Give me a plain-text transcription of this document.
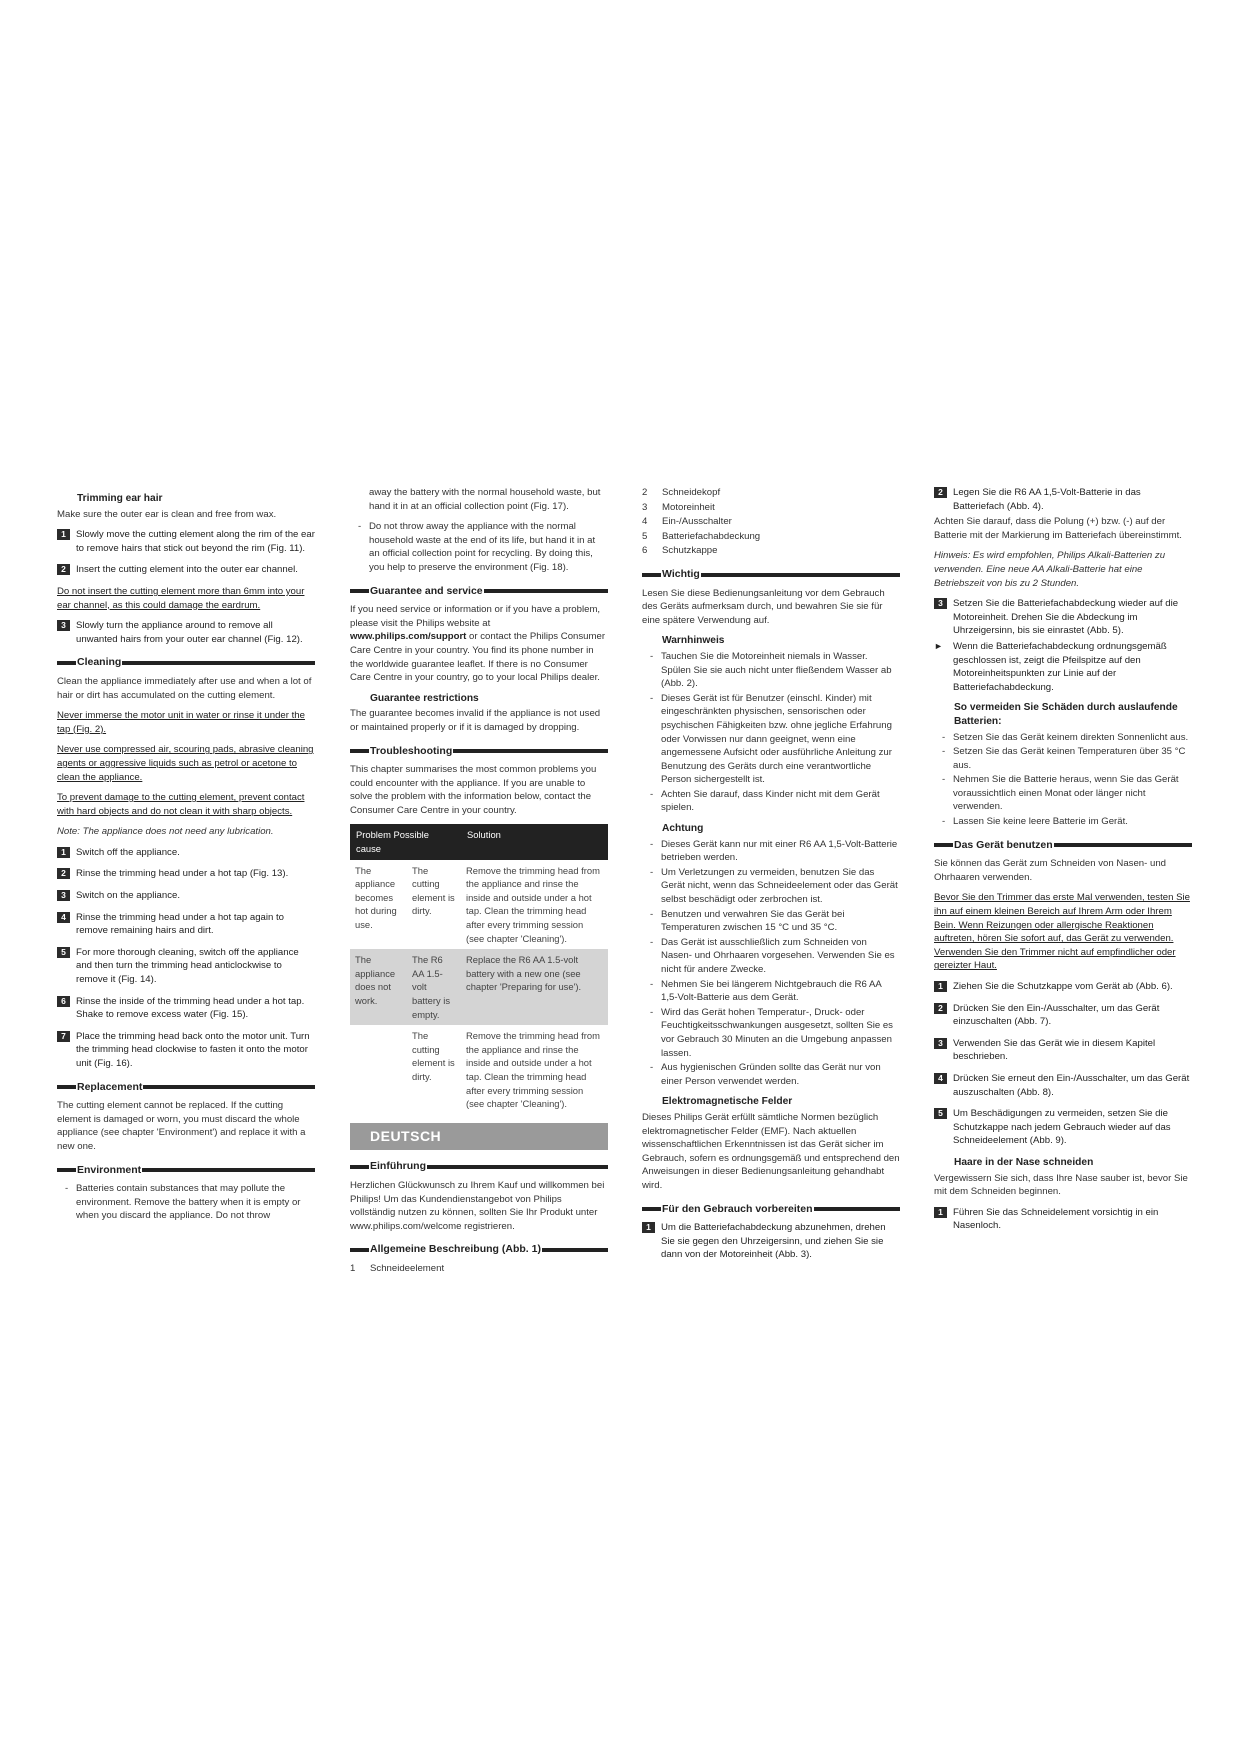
Trimming ear hair

Make sure the outer ear is clean and free from wax.

1	Slowly move the cutting element along the rim of the ear to remove hairs that stick out beyond the rim (Fig. 11).
2	Insert the cutting element into the outer ear channel.

Do not insert the cutting element more than 6mm into your ear channel, as this could damage the eardrum.

3	Slowly turn the appliance around to remove all unwanted hairs from your outer ear channel (Fig. 12).
Cleaning

Clean the appliance immediately after use and when a lot of hair or dirt has accumulated on the cutting element.

Never immerse the motor unit in water or rinse it under the tap (Fig. 2).

Never use compressed air, scouring pads, abrasive cleaning agents or aggressive liquids such as petrol or acetone to clean the appliance.

To prevent damage to the cutting element, prevent contact with hard objects and do not clean it with sharp objects.

Note: The appliance does not need any lubrication.

1	Switch off the appliance.
2	Rinse the trimming head under a hot tap (Fig. 13).
3	Switch on the appliance.
4	Rinse the trimming head under a hot tap again to remove remaining hairs and dirt.
5	For more thorough cleaning, switch off the appliance and then turn the trimming head anticlockwise to remove it (Fig. 14).
6	Rinse the inside of the trimming head under a hot tap. Shake to remove excess water (Fig. 15).
7	Place the trimming head back onto the motor unit. Turn the trimming head clockwise to fasten it onto the motor unit (Fig. 16).
Replacement

The cutting element cannot be replaced. If the cutting element is damaged or worn, you must discard the whole appliance (see chapter 'Environment') and replace it with a new one.

Environment
- Batteries contain substances that may pollute the environment. Remove the battery when it is empty or when you discard the appliance. Do not throw

away the battery with the normal household waste, but hand it in at an official collection point (Fig. 17).

- Do not throw away the appliance with the normal household waste at the end of its life, but hand it in at an official collection point for recycling. By doing this, you help to preserve the environment (Fig. 18).
Guarantee and service

If you need service or information or if you have a problem, please visit the Philips website at www.philips.com/support or contact the Philips Consumer Care Centre in your country. You find its phone number in the worldwide guarantee leaflet. If there is no Consumer Care Centre in your country, go to your local Philips dealer.

Guarantee restrictions

The guarantee becomes invalid if the appliance is not used or maintained properly or if it is damaged by dropping.

Troubleshooting

This chapter summarises the most common problems you could encounter with the appliance. If you are unable to solve the problem with the information below, contact the Consumer Care Centre in your country.

Problem Possible cause		Solution
The appliance becomes hot during use.	The cutting element is dirty.	Remove the trimming head from the appliance and rinse the inside and outside under a hot tap. Clean the trimming head after every trimming session (see chapter 'Cleaning').
The appliance does not work.	The R6 AA 1.5-volt battery is empty.	Replace the R6 AA 1.5-volt battery with a new one (see chapter 'Preparing for use').
	The cutting element is dirty.	Remove the trimming head from the appliance and rinse the inside and outside under a hot tap. Clean the trimming head after every trimming session (see chapter 'Cleaning').
DEUTSCH
Einführung

Herzlichen Glückwunsch zu Ihrem Kauf und willkommen bei Philips! Um das Kundendienstangebot von Philips vollständig nutzen zu können, sollten Sie Ihr Produkt unter www.philips.com/welcome registrieren.

Allgemeine Beschreibung (Abb. 1)
1	Schneideelement
2	Schneidekopf
3	Motoreinheit
4	Ein-/Ausschalter
5	Batteriefachabdeckung
6	Schutzkappe
Wichtig

Lesen Sie diese Bedienungsanleitung vor dem Gebrauch des Geräts aufmerksam durch, und bewahren Sie sie für eine spätere Verwendung auf.

Warnhinweis
- Tauchen Sie die Motoreinheit niemals in Wasser. Spülen Sie sie auch nicht unter fließendem Wasser ab (Abb. 2).
- Dieses Gerät ist für Benutzer (einschl. Kinder) mit eingeschränkten physischen, sensorischen oder psychischen Fähigkeiten bzw. ohne jegliche Erfahrung oder Vorwissen nur dann geeignet, wenn eine angemessene Aufsicht oder ausführliche Anleitung zur Benutzung des Geräts durch eine verantwortliche Person sichergestellt ist.
- Achten Sie darauf, dass Kinder nicht mit dem Gerät spielen.
Achtung
- Dieses Gerät kann nur mit einer R6 AA 1,5-Volt-Batterie betrieben werden.
- Um Verletzungen zu vermeiden, benutzen Sie das Gerät nicht, wenn das Schneideelement oder das Gerät selbst beschädigt oder zerbrochen ist.
- Benutzen und verwahren Sie das Gerät bei Temperaturen zwischen 15 °C und 35 °C.
- Das Gerät ist ausschließlich zum Schneiden von Nasen- und Ohrhaaren vorgesehen. Verwenden Sie es nicht für andere Zwecke.
- Nehmen Sie bei längerem Nichtgebrauch die R6 AA 1,5-Volt-Batterie aus dem Gerät.
- Wird das Gerät hohen Temperatur-, Druck- oder Feuchtigkeitsschwankungen ausgesetzt, sollten Sie es vor Gebrauch 30 Minuten an die Umgebung anpassen lassen.
- Aus hygienischen Gründen sollte das Gerät nur von einer Person verwendet werden.
Elektromagnetische Felder

Dieses Philips Gerät erfüllt sämtliche Normen bezüglich elektromagnetischer Felder (EMF). Nach aktuellen wissenschaftlichen Erkenntnissen ist das Gerät sicher im Gebrauch, sofern es ordnungsgemäß und entsprechend den Anweisungen in dieser Bedienungsanleitung gehandhabt wird.

Für den Gebrauch vorbereiten
1	Um die Batteriefachabdeckung abzunehmen, drehen Sie sie gegen den Uhrzeigersinn, und ziehen Sie sie dann von der Motoreinheit (Abb. 3).
2	Legen Sie die R6 AA 1,5-Volt-Batterie in das Batteriefach (Abb. 4).

Achten Sie darauf, dass die Polung (+) bzw. (-) auf der Batterie mit der Markierung im Batteriefach übereinstimmt.

Hinweis: Es wird empfohlen, Philips Alkali-Batterien zu verwenden. Eine neue AA Alkali-Batterie hat eine Betriebszeit von bis zu 2 Stunden.

3	Setzen Sie die Batteriefachabdeckung wieder auf die Motoreinheit. Drehen Sie die Abdeckung im Uhrzeigersinn, bis sie einrastet (Abb. 5).
► Wenn die Batteriefachabdeckung ordnungsgemäß geschlossen ist, zeigt die Pfeilspitze auf den Motoreinheitspunkten zur Linie auf der Batteriefachabdeckung.
So vermeiden Sie Schäden durch auslaufende Batterien:
- Setzen Sie das Gerät keinem direkten Sonnenlicht aus.
- Setzen Sie das Gerät keinen Temperaturen über 35 °C aus.
- Nehmen Sie die Batterie heraus, wenn Sie das Gerät voraussichtlich einen Monat oder länger nicht verwenden.
- Lassen Sie keine leere Batterie im Gerät.
Das Gerät benutzen

Sie können das Gerät zum Schneiden von Nasen- und Ohrhaaren verwenden.

Bevor Sie den Trimmer das erste Mal verwenden, testen Sie ihn auf einem kleinen Bereich auf Ihrem Arm oder Ihrem Bein. Wenn Reizungen oder allergische Reaktionen auftreten, hören Sie sofort auf, das Gerät zu verwenden. Verwenden Sie den Trimmer nicht auf empfindlicher oder gereizter Haut.

1	Ziehen Sie die Schutzkappe vom Gerät ab (Abb. 6).
2	Drücken Sie den Ein-/Ausschalter, um das Gerät einzuschalten (Abb. 7).
3	Verwenden Sie das Gerät wie in diesem Kapitel beschrieben.
4	Drücken Sie erneut den Ein-/Ausschalter, um das Gerät auszuschalten (Abb. 8).
5	Um Beschädigungen zu vermeiden, setzen Sie die Schutzkappe nach jedem Gebrauch wieder auf das Schneideelement (Abb. 9).
Haare in der Nase schneiden

Vergewissern Sie sich, dass Ihre Nase sauber ist, bevor Sie mit dem Schneiden beginnen.

1	Führen Sie das Schneidelement vorsichtig in ein Nasenloch.
